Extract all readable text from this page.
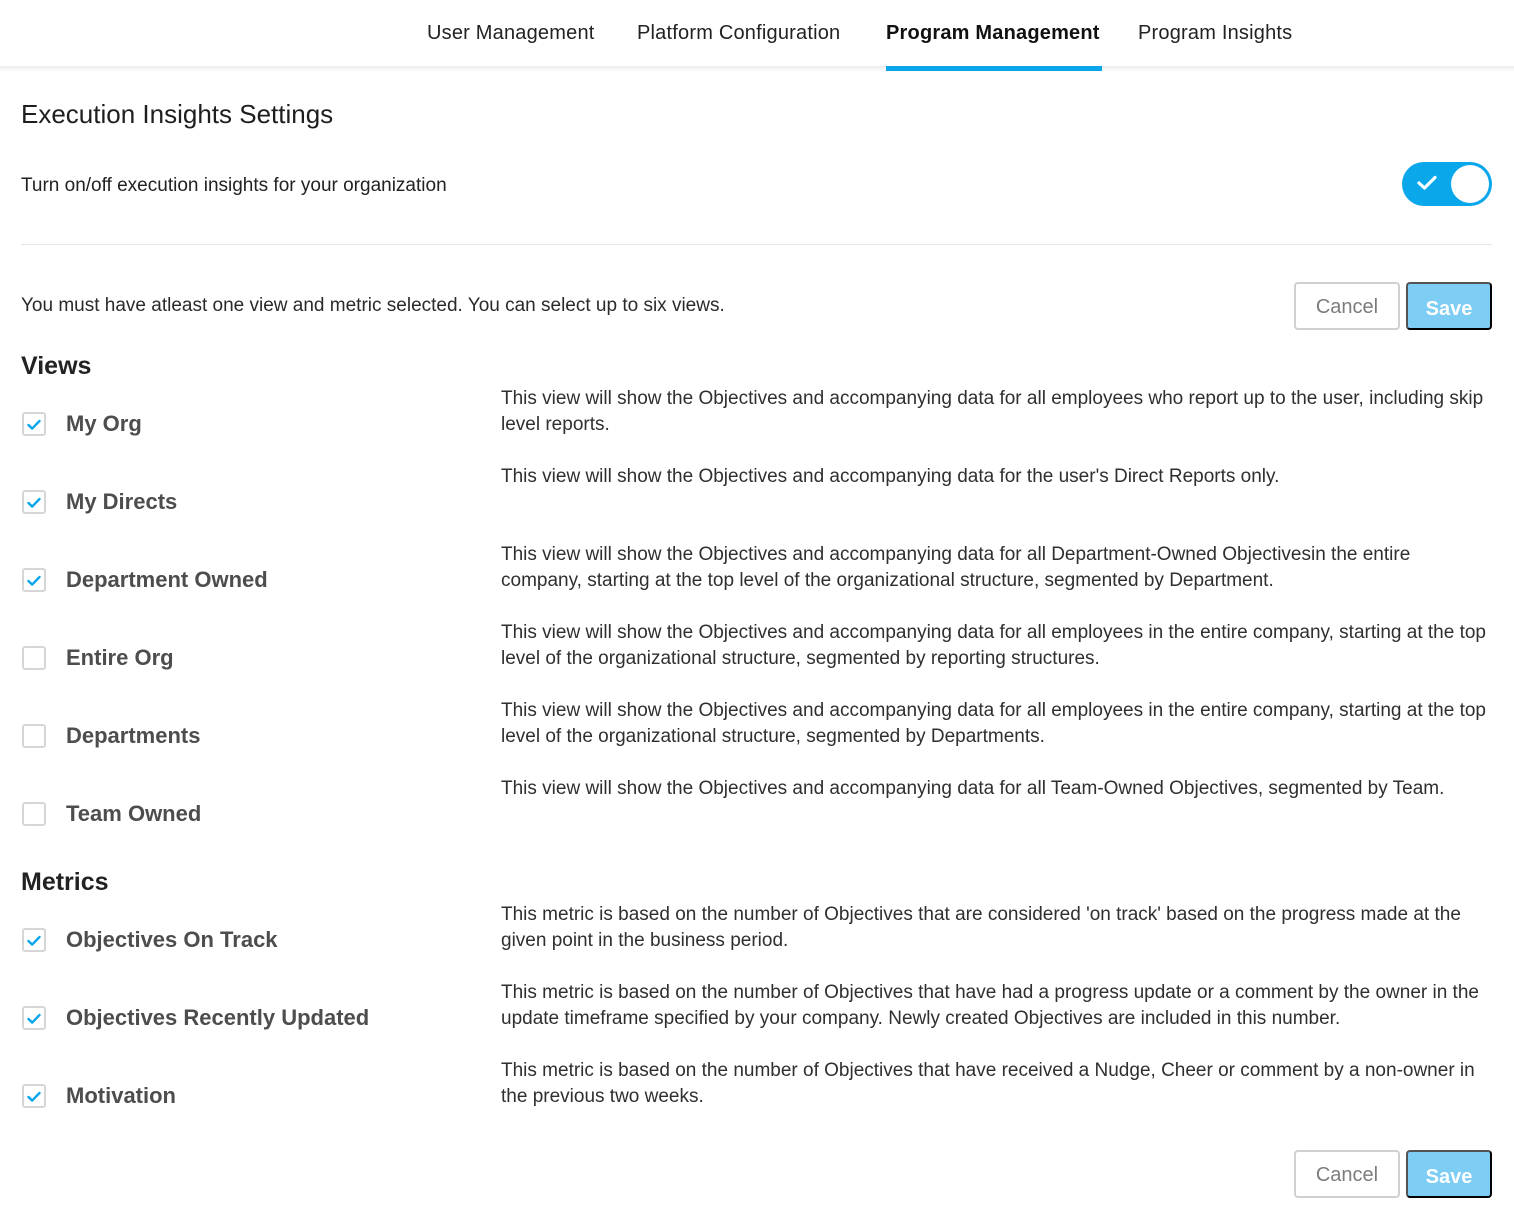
User Management Platform Configuration Program Management Program Insights
Execution Insights Settings
Turn on/off execution insights for your organization
You must have atleast one view and metric selected. You can select up to six views.	Cancel	Save
Views
My Org
This view will show the Objectives and accompanying data for all employees who report up to the user, including skip level reports.
My Directs
This view will show the Objectives and accompanying data for the user's Direct Reports only.
Department Owned
This view will show the Objectives and accompanying data for all Department-Owned Objectivesin the entire company, starting at the top level of the organizational structure, segmented by Department.
Entire Org
This view will show the Objectives and accompanying data for all employees in the entire company, starting at the top level of the organizational structure, segmented by reporting structures.
Departments
This view will show the Objectives and accompanying data for all employees in the entire company, starting at the top level of the organizational structure, segmented by Departments.
Team Owned
This view will show the Objectives and accompanying data for all Team-Owned Objectives, segmented by Team.
Metrics
Objectives On Track
This metric is based on the number of Objectives that are considered 'on track' based on the progress made at the given point in the business period.
Objectives Recently Updated
This metric is based on the number of Objectives that have had a progress update or a comment by the owner in the update timeframe specified by your company. Newly created Objectives are included in this number.
Motivation
This metric is based on the number of Objectives that have received a Nudge, Cheer or comment by a non-owner in the previous two weeks.
Cancel	Save
